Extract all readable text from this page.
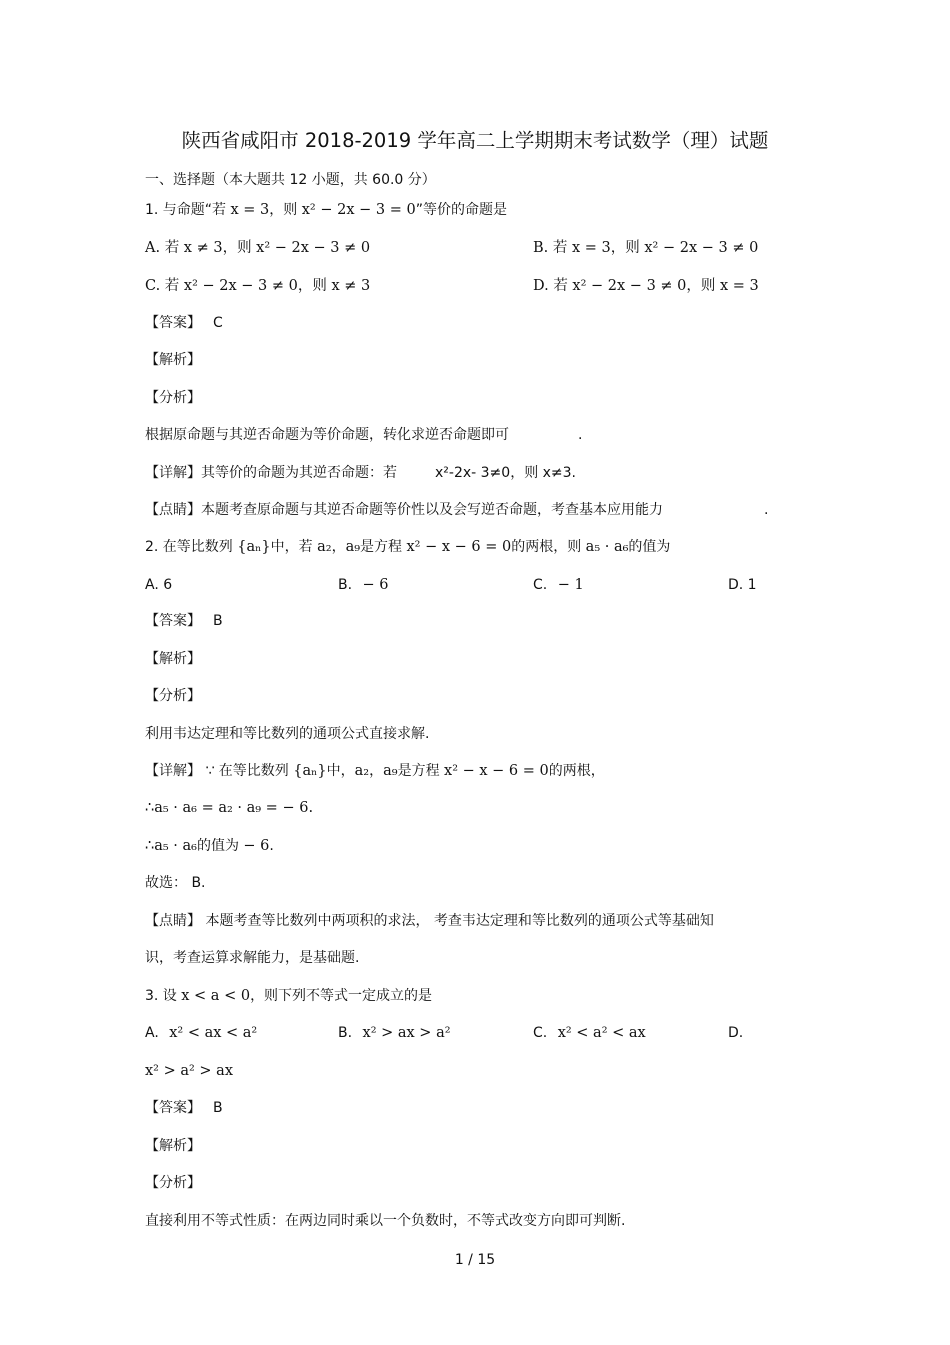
陕西省咸阳市 2018-2019 学年高二上学期期末考试数学（理）试题
一、选择题（本大题共 12 小题，共 60.0 分）
1. 与命题“若 x = 3，则 x² − 2x − 3 = 0”等价的命题是
A. 若 x ≠ 3，则 x² − 2x − 3 ≠ 0	B. 若 x = 3，则 x² − 2x − 3 ≠ 0
C. 若 x² − 2x − 3 ≠ 0，则 x ≠ 3	D. 若 x² − 2x − 3 ≠ 0，则 x = 3
【答案】 C
【解析】
【分析】
根据原命题与其逆否命题为等价命题，转化求逆否命题即可	.
【详解】其等价的命题为其逆否命题：若	x²-2x- 3≠0，则 x≠3.
【点睛】本题考查原命题与其逆否命题等价性以及会写逆否命题，考查基本应用能力	.
2. 在等比数列 {aₙ}中，若 a₂，a₉是方程 x² − x − 6 = 0的两根，则 a₅ · a₆的值为
A. 6	B. − 6	C. − 1	D. 1
【答案】 B
【解析】
【分析】
利用韦达定理和等比数列的通项公式直接求解.
【详解】 ∵ 在等比数列 {aₙ}中，a₂，a₉是方程 x² − x − 6 = 0的两根，
∴a₅ · a₆ = a₂ · a₉ = − 6.
∴a₅ · a₆的值为 − 6.
故选： B.
【点睛】 本题考查等比数列中两项积的求法， 考查韦达定理和等比数列的通项公式等基础知
识，考查运算求解能力，是基础题.
3. 设 x < a < 0，则下列不等式一定成立的是
A. x² < ax < a²	B. x² > ax > a²	C. x² < a² < ax	D.
x² > a² > ax
【答案】 B
【解析】
【分析】
直接利用不等式性质：在两边同时乘以一个负数时，不等式改变方向即可判断.
1 / 15
